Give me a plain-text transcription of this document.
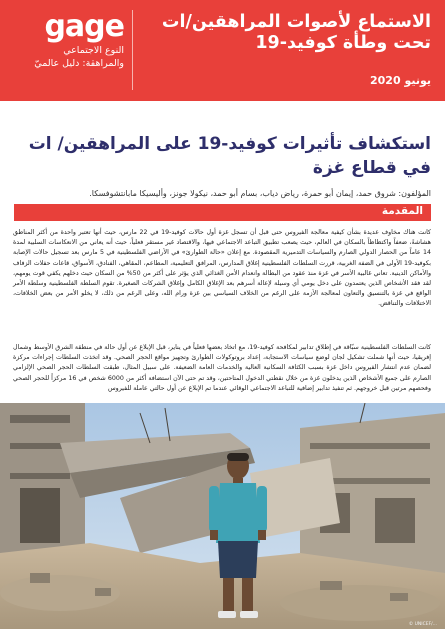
gage
النوع الاجتماعي
والمراهقة: دليل عالميّ
الاستماع لأصوات المراهقين/ات تحت وطأة كوفيد-19
يونيو 2020
استكشاف تأثيرات كوفيد-19 على المراهقين/ ات في قطاع غزة
المؤلفون: شروق حمد، إيمان أبو حمرة، رياض دياب، بسام أبو حمد، نيكولا جونز، وأليسيكا مابانتشوفسكا.
المقدمة
كانت هناك مخاوف عديدة بشأن كيفية معالجة الفيروس حتى قبل أن تسجل غزة أول حالات كوفيد-19 في 22 مارس، حيث أنها تعتبر واحدة من أكثر المناطق هشاشةً، ضعفاً واكتظاظاً بالسكان في العالم، حيث يصعب تطبيق التباعد الاجتماعي فيها، والاقتصاد غير مستقر فعلياً، حيث أنه يعاني من الانعكاسات السلبية لمدة 14 عاماً من الحصار الدولي الصارم والسياسات التدميرية المقصودة. مع إعلان «حالة الطوارئ» في الأراضي الفلسطينية في 5 مارس بعد تسجيل حالات الإصابة بكوفيد-19 الأولى في الضفة الغربية، قررت السلطات الفلسطينية إغلاق المدارس، المرافق التعليمية، المطاعم، المقاهي، الفنادق، الأسواق، قاعات حفلات الزفاف والأماكن الدينية. تعاني غالبية الأسر في غزة منذ عقود من البطالة وانعدام الأمن الغذائي الذي يؤثر على أكثر من 50% من السكان حيث دخلهم يكفي قوت يومهم، لقد فقد الأشخاص الذين يعتمدون على دخل يومي أي وسيلة لإعالة أسرهم بعد الإغلاق الكامل وإغلاق الشركات الصغيرة. تقوم السلطة الفلسطينية وسلطة الأمر الواقع في غزة بالتنسيق والتعاون لمعالجة الأزمة على الرغم من الخلاف السياسي بين غزة ورام الله، وعلى الرغم من ذلك، لا يخلو الأمر من بعض الخلافات، الاختلافات والتناقض.
كانت السلطات الفلسطينية سبّاقة في إطلاق تدابير لمكافحة كوفيد-19، مع اتخاذ بعضها فعلياً في يناير، قبل الإبلاغ عن أول حالة في منطقة الشرق الأوسط وشمال إفريقيا، حيث أنها شملت تشكيل لجان لوضع سياسات الاستجابة، إعداد بروتوكولات الطوارئ وتجهيز مواقع الحجر الصحي. وقد اتخذت السلطات إجراءات مركزة لضمان عدم انتشار الفيروس داخل غزة بسبب الكثافة السكانية العالية والخدمات العامة الضعيفة. على سبيل المثال، طبقت السلطات الحجر الصحي الإلزامي الصارم على جميع الأشخاص الذين يدخلون غزة من خلال نقطتي الدخول المتاحتين، وقد تم حتى الآن استضافة أكثر من 6000 شخص في 16 مركزاً للحجر الصحي وفحصهم مرتين قبل خروجهم. ثم تنفيذ تدابير إضافية للتباعد الاجتماعي الوقائي عندما تم الإبلاغ عن أول حالتي عاملة للفيروس
© UNICEF/...
